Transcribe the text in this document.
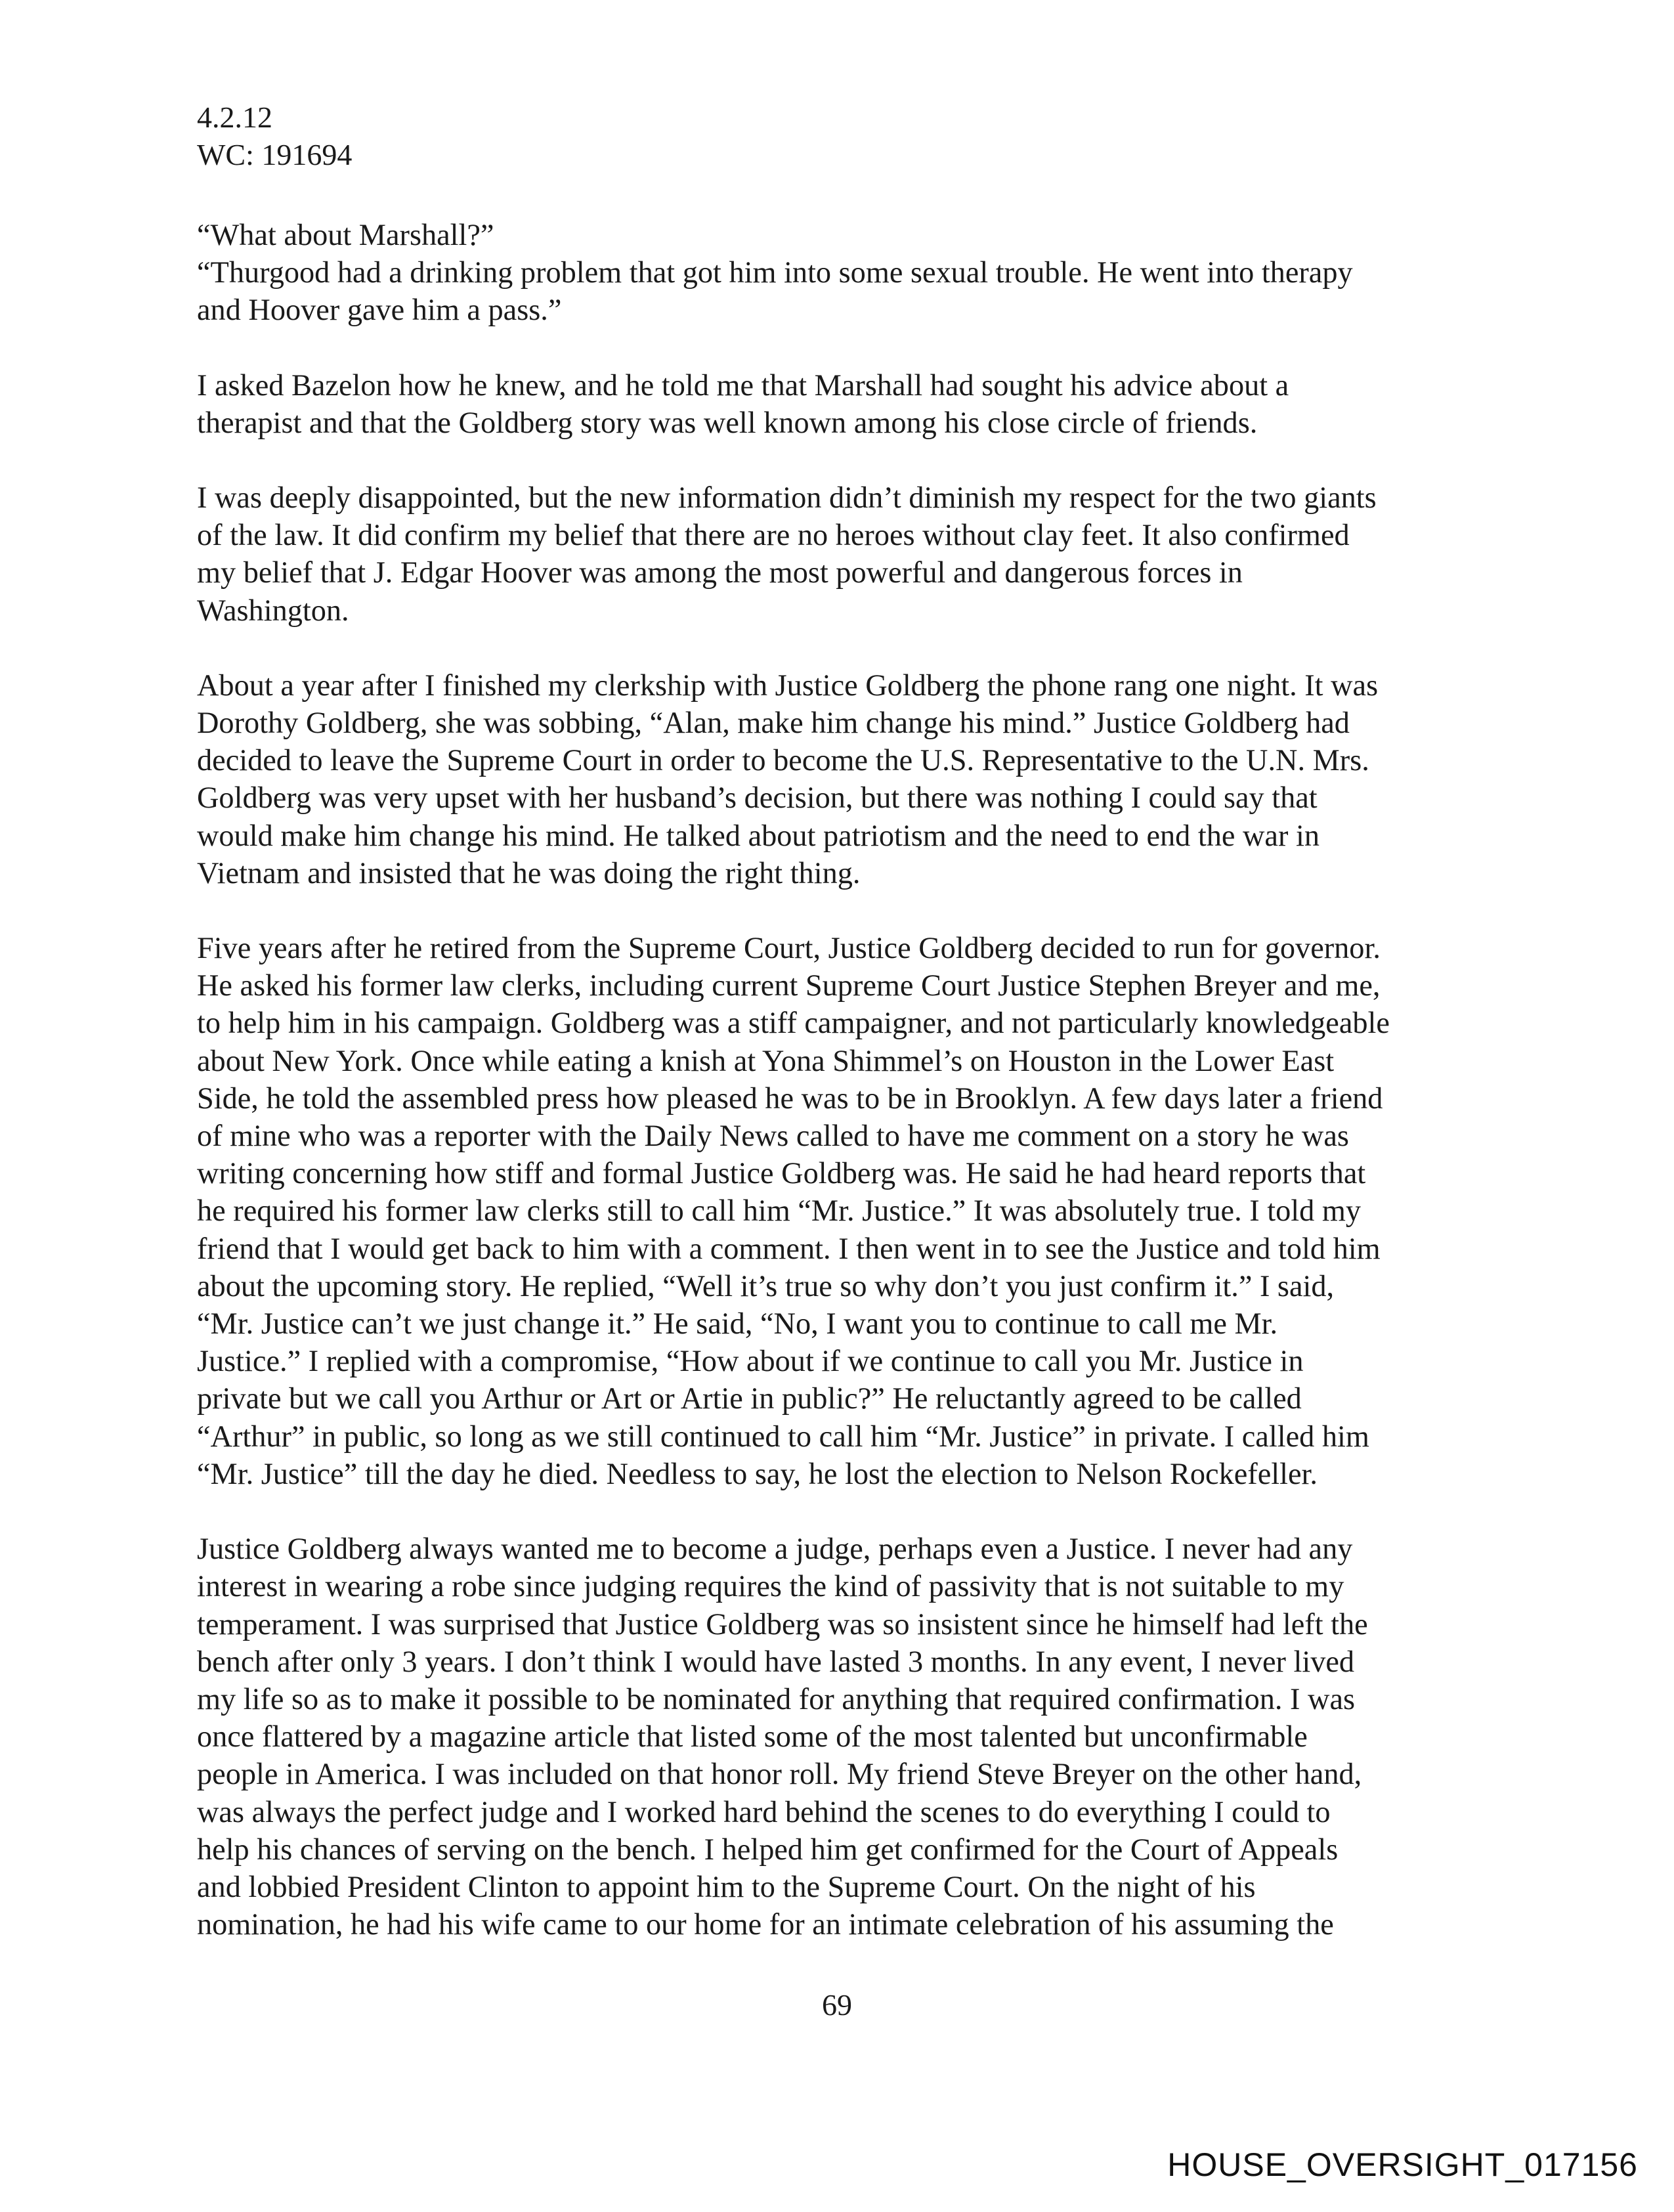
4.2.12
WC: 191694
“What about Marshall?”
“Thurgood had a drinking problem that got him into some sexual trouble. He went into therapy
and Hoover gave him a pass.”
I asked Bazelon how he knew, and he told me that Marshall had sought his advice about a
therapist and that the Goldberg story was well known among his close circle of friends.
I was deeply disappointed, but the new information didn’t diminish my respect for the two giants
of the law. It did confirm my belief that there are no heroes without clay feet. It also confirmed
my belief that J. Edgar Hoover was among the most powerful and dangerous forces in
Washington.
About a year after I finished my clerkship with Justice Goldberg the phone rang one night. It was
Dorothy Goldberg, she was sobbing, “Alan, make him change his mind.” Justice Goldberg had
decided to leave the Supreme Court in order to become the U.S. Representative to the U.N. Mrs.
Goldberg was very upset with her husband’s decision, but there was nothing I could say that
would make him change his mind. He talked about patriotism and the need to end the war in
Vietnam and insisted that he was doing the right thing.
Five years after he retired from the Supreme Court, Justice Goldberg decided to run for governor.
He asked his former law clerks, including current Supreme Court Justice Stephen Breyer and me,
to help him in his campaign. Goldberg was a stiff campaigner, and not particularly knowledgeable
about New York. Once while eating a knish at Yona Shimmel’s on Houston in the Lower East
Side, he told the assembled press how pleased he was to be in Brooklyn. A few days later a friend
of mine who was a reporter with the Daily News called to have me comment on a story he was
writing concerning how stiff and formal Justice Goldberg was. He said he had heard reports that
he required his former law clerks still to call him “Mr. Justice.” It was absolutely true. I told my
friend that I would get back to him with a comment. I then went in to see the Justice and told him
about the upcoming story. He replied, “Well it’s true so why don’t you just confirm it.” I said,
“Mr. Justice can’t we just change it.” He said, “No, I want you to continue to call me Mr.
Justice.” I replied with a compromise, “How about if we continue to call you Mr. Justice in
private but we call you Arthur or Art or Artie in public?” He reluctantly agreed to be called
“Arthur” in public, so long as we still continued to call him “Mr. Justice” in private. I called him
“Mr. Justice” till the day he died. Needless to say, he lost the election to Nelson Rockefeller.
Justice Goldberg always wanted me to become a judge, perhaps even a Justice. I never had any
interest in wearing a robe since judging requires the kind of passivity that is not suitable to my
temperament. I was surprised that Justice Goldberg was so insistent since he himself had left the
bench after only 3 years. I don’t think I would have lasted 3 months. In any event, I never lived
my life so as to make it possible to be nominated for anything that required confirmation. I was
once flattered by a magazine article that listed some of the most talented but unconfirmable
people in America. I was included on that honor roll. My friend Steve Breyer on the other hand,
was always the perfect judge and I worked hard behind the scenes to do everything I could to
help his chances of serving on the bench. I helped him get confirmed for the Court of Appeals
and lobbied President Clinton to appoint him to the Supreme Court. On the night of his
nomination, he had his wife came to our home for an intimate celebration of his assuming the
69
HOUSE_OVERSIGHT_017156
